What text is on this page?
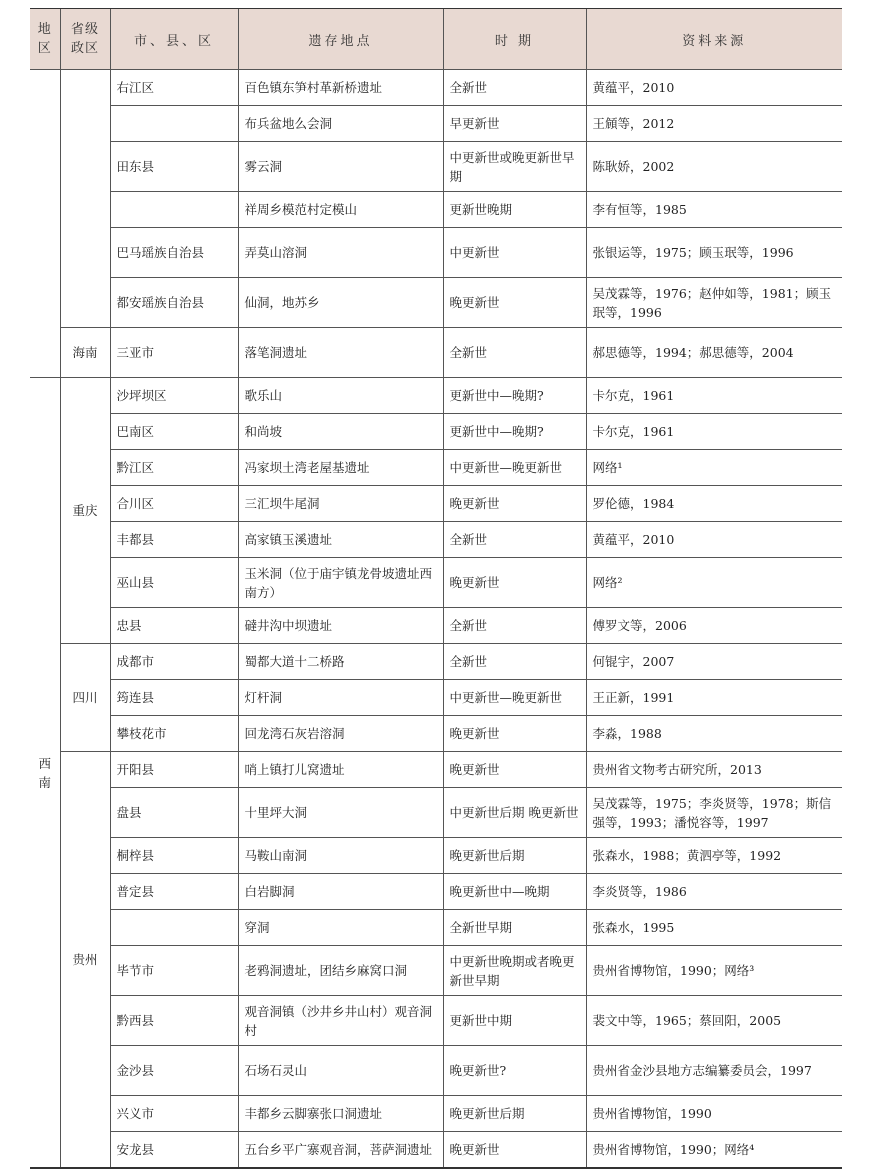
地区	省级政区	市、县、区	遗存地点	时 期	资料来源
		右江区	百色镇东笋村革新桥遗址	全新世	黄蕴平，2010
			布兵盆地么会洞	早更新世	王頠等，2012
		田东县	雾云洞	中更新世或晚更新世早期	陈耿娇，2002
			祥周乡模范村定模山	更新世晚期	李有恒等，1985
		巴马瑶族自治县	弄莫山溶洞	中更新世	张银运等，1975；顾玉珉等，1996
		都安瑶族自治县	仙洞，地苏乡	晚更新世	吴茂霖等，1976；赵仲如等，1981；顾玉珉等，1996
	海南	三亚市	落笔洞遗址	全新世	郝思德等，1994；郝思德等，2004
西南	重庆	沙坪坝区	歌乐山	更新世中—晚期?	卡尔克，1961
		巴南区	和尚坡	更新世中—晚期?	卡尔克，1961
		黔江区	冯家坝土湾老屋基遗址	中更新世—晚更新世	网络¹
		合川区	三汇坝牛尾洞	晚更新世	罗伦德，1984
		丰都县	高家镇玉溪遗址	全新世	黄蕴平，2010
		巫山县	玉米洞（位于庙宇镇龙骨坡遗址西南方）	晚更新世	网络²
		忠县	䃮井沟中坝遗址	全新世	傅罗文等，2006
	四川	成都市	蜀都大道十二桥路	全新世	何锟宇，2007
		筠连县	灯杆洞	中更新世—晚更新世	王正新，1991
		攀枝花市	回龙湾石灰岩溶洞	晚更新世	李淼，1988
	贵州	开阳县	哨上镇打儿窝遗址	晚更新世	贵州省文物考古研究所，2013
		盘县	十里坪大洞	中更新世后期 晚更新世	吴茂霖等，1975；李炎贤等，1978；斯信强等，1993；潘悦容等，1997
		桐梓县	马鞍山南洞	晚更新世后期	张森水，1988；黄泗亭等，1992
		普定县	白岩脚洞	晚更新世中—晚期	李炎贤等，1986
			穿洞	全新世早期	张森水，1995
		毕节市	老鸦洞遗址，团结乡麻窝口洞	中更新世晚期或者晚更新世早期	贵州省博物馆，1990；网络³
		黔西县	观音洞镇（沙井乡井山村）观音洞村	更新世中期	裴文中等，1965；蔡回阳，2005
		金沙县	石场石灵山	晚更新世?	贵州省金沙县地方志编纂委员会，1997
		兴义市	丰都乡云脚寨张口洞遗址	晚更新世后期	贵州省博物馆，1990
		安龙县	五台乡平广寨观音洞，菩萨洞遗址	晚更新世	贵州省博物馆，1990；网络⁴
